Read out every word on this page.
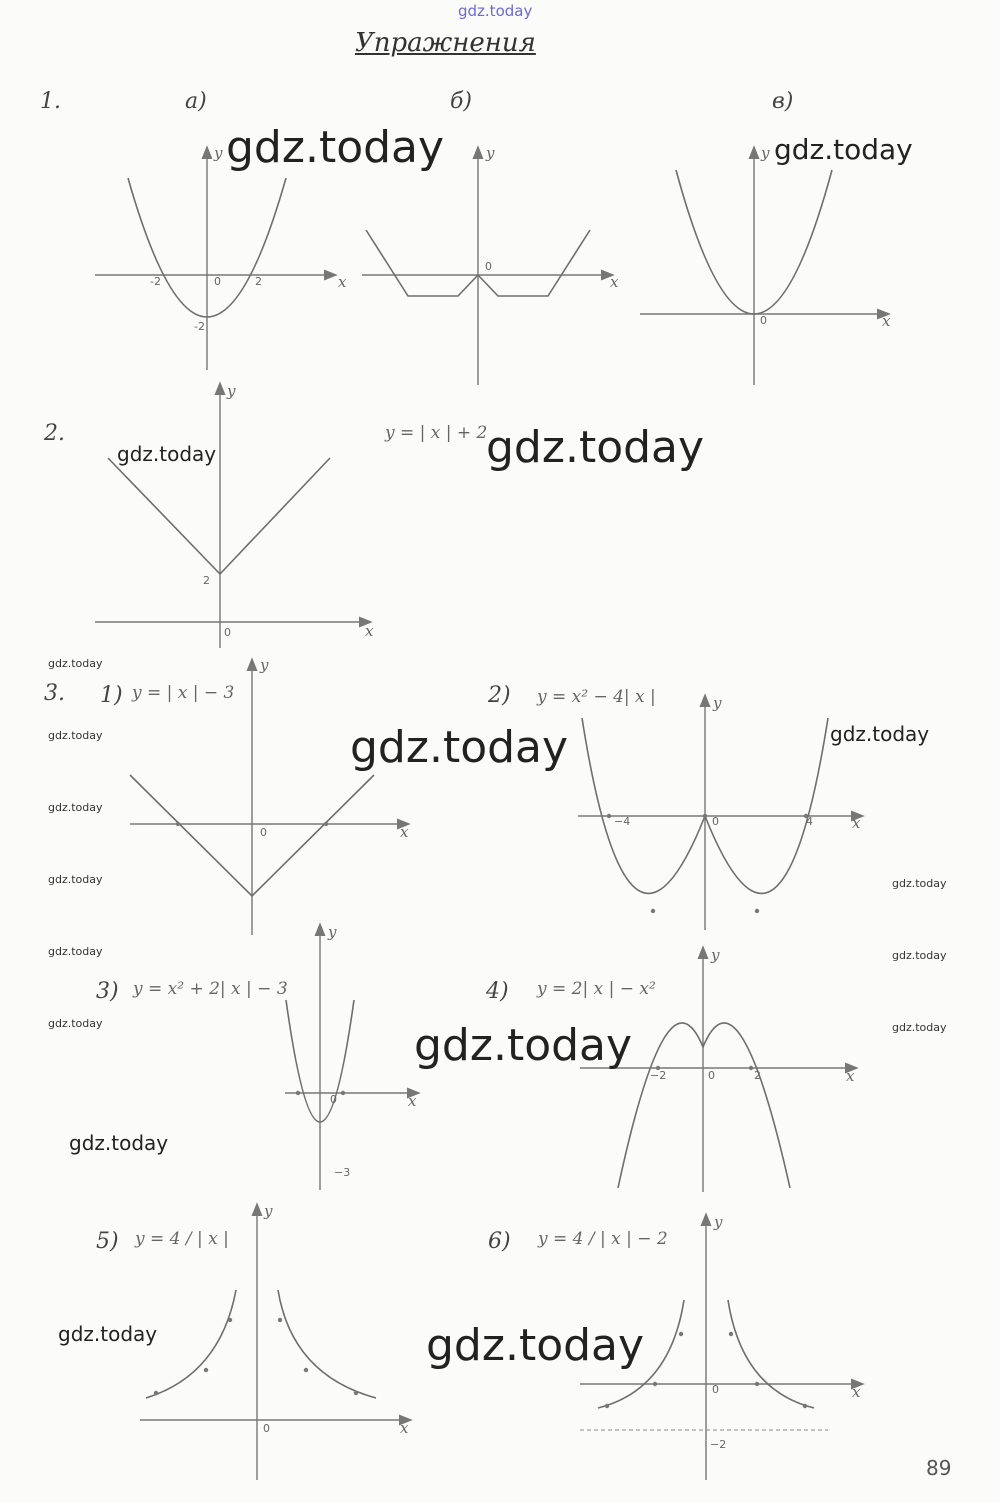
gdz.today
Упражнения
1.	а)	б)	в)
x
y
-2	0	2
-2
x
y
0
x
y
0
2.	y = | x | + 2
x
y
2
0
3. 1) y = | x | − 3
x
y
0
2) y = x² − 4| x |
x
y
−4	0	4
3) y = x² + 2| x | − 3
x
y
0
−3
4) y = 2| x | − x²
x
y
−2	0	2
5) y = 4 / | x |
x
y
0
6) y = 4 / | x | − 2
x
y
0
−2
gdz.today	gdz.today
gdz.today	gdz.today
gdz.today
gdz.today
gdz.today
gdz.today
gdz.today
gdz.today
gdz.today	gdz.today
gdz.today
gdz.today
gdz.today
gdz.today
gdz.today
gdz.today	gdz.today
89
